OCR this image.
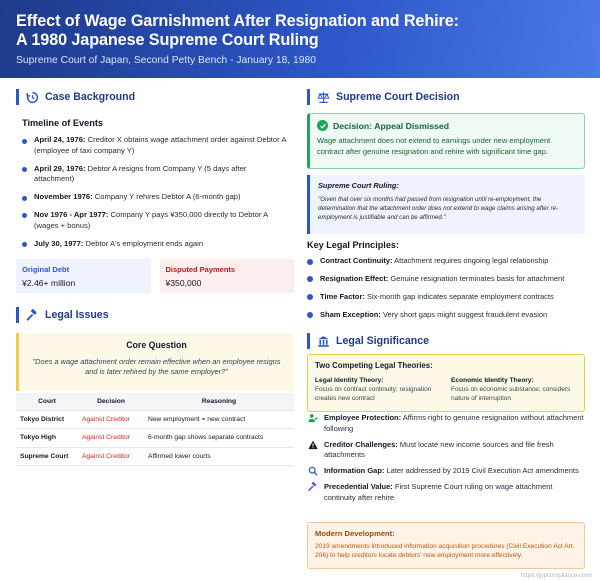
Effect of Wage Garnishment After Resignation and Rehire:
A 1980 Japanese Supreme Court Ruling
Supreme Court of Japan, Second Petty Bench - January 18, 1980
Case Background
Timeline of Events
April 24, 1976: Creditor X obtains wage attachment order against Debtor A (employee of taxi company Y)
April 29, 1976: Debtor A resigns from Company Y (5 days after attachment)
November 1976: Company Y rehires Debtor A (6-month gap)
Nov 1976 - Apr 1977: Company Y pays ¥350,000 directly to Debtor A (wages + bonus)
July 30, 1977: Debtor A's employment ends again
Original Debt
¥2.46+ million
Disputed Payments
¥350,000
Legal Issues
Core Question
"Does a wage attachment order remain effective when an employee resigns and is later rehired by the same employer?"
Court	Decision	Reasoning
Tokyo District	Against Creditor	New employment = new contract
Tokyo High	Against Creditor	6-month gap shows separate contracts
Supreme Court	Against Creditor	Affirmed lower courts
Supreme Court Decision
Decision: Appeal Dismissed
Wage attachment does not extend to earnings under new employment contract after genuine resignation and rehire with significant time gap.
Supreme Court Ruling:
"Given that over six months had passed from resignation until re-employment, the determination that the attachment order does not extend to wage claims arising after re-employment is justifiable and can be affirmed."
Key Legal Principles:
Contract Continuity: Attachment requires ongoing legal relationship
Resignation Effect: Genuine resignation terminates basis for attachment
Time Factor: Six-month gap indicates separate employment contracts
Sham Exception: Very short gaps might suggest fraudulent evasion
Legal Significance
Two Competing Legal Theories:
Legal Identity Theory:
Focus on contract continuity; resignation creates new contract
Economic Identity Theory:
Focus on economic substance; considers nature of interruption
Employee Protection: Affirms right to genuine resignation without attachment following
Creditor Challenges: Must locate new income sources and file fresh attachments
Information Gap: Later addressed by 2019 Civil Execution Act amendments
Precedential Value: First Supreme Court ruling on wage attachment continuity after rehire
Modern Development:
2019 amendments introduced information acquisition procedures (Civil Execution Act Art. 206) to help creditors locate debtors' new employment more effectively.
https://jppcompliance.com/
